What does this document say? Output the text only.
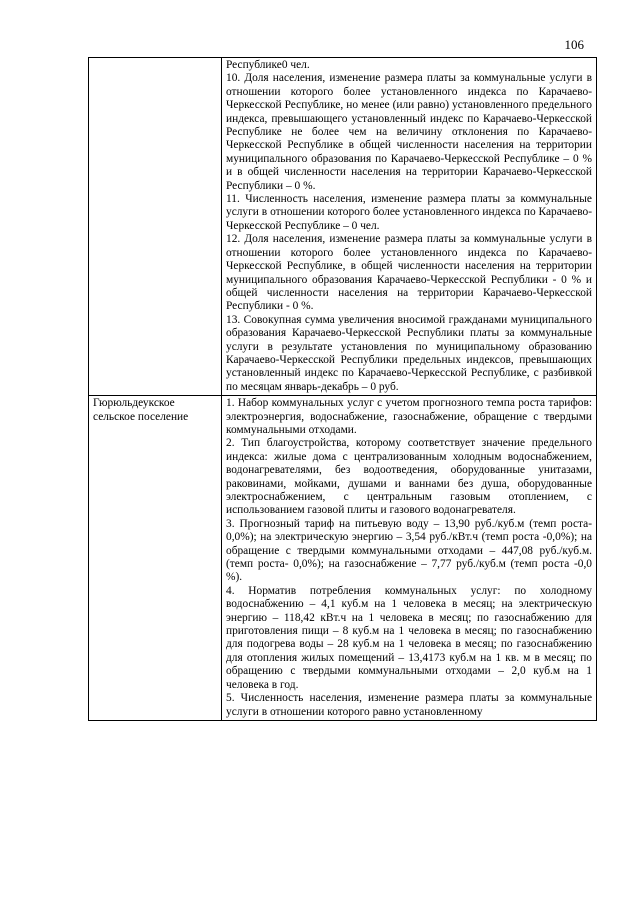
106

	Республике0 чел.

10. Доля населения, изменение размера платы за коммунальные услуги в отношении которого более установленного индекса по Карачаево-Черкесской Республике, но менее (или равно) установленного предельного индекса, превышающего установленный индекс по Карачаево-Черкесской Республике не более чем на величину отклонения по Карачаево-Черкесской Республике в общей численности населения на территории муниципального образования по Карачаево-Черкесской Республике – 0 % и в общей численности населения на территории Карачаево-Черкесской Республики – 0 %.

11. Численность населения, изменение размера платы за коммунальные услуги в отношении которого более установленного индекса по Карачаево-Черкесской Республике – 0 чел.

12. Доля населения, изменение размера платы за коммунальные услуги в отношении которого более установленного индекса по Карачаево-Черкесской Республике, в общей численности населения на территории муниципального образования Карачаево-Черкесской Республики - 0 % и общей численности населения на территории Карачаево-Черкесской Республики - 0 %.

13. Совокупная сумма увеличения вносимой гражданами муниципального образования Карачаево-Черкесской Республики платы за коммунальные услуги в результате установления по муниципальному образованию Карачаево-Черкесской Республики предельных индексов, превышающих установленный индекс по Карачаево-Черкесской Республике, с разбивкой по месяцам январь-декабрь – 0 руб.

Гюрюльдеукское сельское поселение	1. Набор коммунальных услуг с учетом прогнозного темпа роста тарифов: электроэнергия, водоснабжение, газоснабжение, обращение с твердыми коммунальными отходами.

2. Тип благоустройства, которому соответствует значение предельного индекса: жилые дома с централизованным холодным водоснабжением, водонагревателями, без водоотведения, оборудованные унитазами, раковинами, мойками, душами и ваннами без душа, оборудованные электроснабжением, с центральным газовым отоплением, с использованием газовой плиты и газового водонагревателя.

3. Прогнозный тариф на питьевую воду – 13,90 руб./куб.м (темп роста- 0,0%); на электрическую энергию – 3,54 руб./кВт.ч (темп роста -0,0%); на обращение с твердыми коммунальными отходами – 447,08 руб./куб.м. (темп роста- 0,0%); на газоснабжение – 7,77 руб./куб.м (темп роста -0,0 %).

4. Норматив потребления коммунальных услуг: по холодному водоснабжению – 4,1 куб.м на 1 человека в месяц; на электрическую энергию – 118,42 кВт.ч на 1 человека в месяц; по газоснабжению для приготовления пищи – 8 куб.м на 1 человека в месяц; по газоснабжению для подогрева воды – 28 куб.м на 1 человека в месяц; по газоснабжению для отопления жилых помещений – 13,4173 куб.м на 1 кв. м в месяц; по обращению с твердыми коммунальными отходами – 2,0 куб.м на 1 человека в год.

5. Численность населения, изменение размера платы за коммунальные услуги в отношении которого равно установленному
